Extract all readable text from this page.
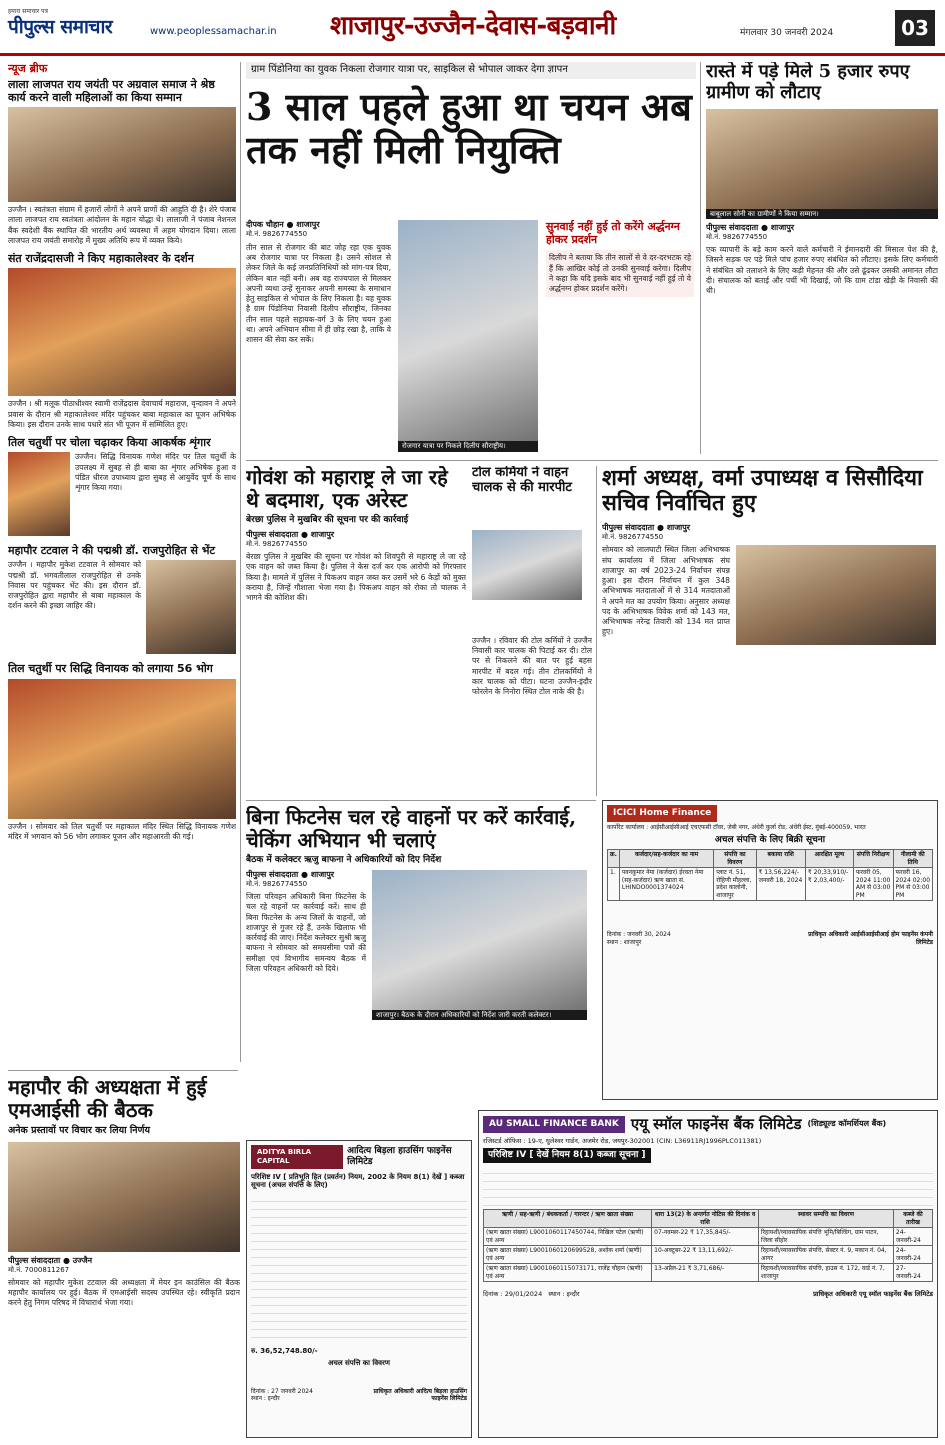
हमारा समाचार पत्र
पीपुल्स समाचार	www.peoplessamachar.in शाजापुर-उज्जैन-देवास-बड़वानी	मंगलवार 30 जनवरी 2024	03
न्यूज ब्रीफ
लाला लाजपत राय जयंती पर अग्रवाल समाज ने श्रेष्ठ कार्य करने वाली महिलाओं का किया सम्मान
उज्जैन । स्वतंत्रता संग्राम में हजारों लोगों ने अपने प्राणों की आहुति दी है। शेरे पंजाब लाला लाजपत राय स्वतंत्रता आंदोलन के महान योद्धा थे। लालाजी ने पंजाब नेशनल बैंक स्वदेशी बैंक स्थापित की भारतीय अर्थ व्यवस्था में अहम योगदान दिया। लाला लाजपत राय जयंती समारोह में मुख्य अतिथि रूप में व्यक्त किये।
संत राजेंद्रदासजी ने किए महाकालेश्वर के दर्शन
उज्जैन । श्री मलूक पीठाधीश्वर स्वामी राजेंद्रदास देवाचार्य महाराज, वृन्दावन ने अपने प्रवास के दौरान श्री महाकालेश्वर मंदिर पहुंचकर बाबा महाकाल का पूजन अभिषेक किया। इस दौरान उनके साथ पधारे संत भी पूजन में सम्मिलित हुए।
तिल चतुर्थी पर चोला चढ़ाकर किया आकर्षक शृंगार
उज्जैन। सिद्धि विनायक गणेश मंदिर पर तिल चतुर्थी के उपलक्ष्य में सुबह से ही बाबा का शृंगार अभिषेक हुआ व पंडित धीरज उपाध्याय द्वारा सुबह से आयुर्वेद चूर्ण के साथ शृंगार किया गया।
महापौर टटवाल ने की पद्मश्री डॉ. राजपुरोहित से भेंट
उज्जैन । महापौर मुकेश टटवाल ने सोमवार को पद्मश्री डॉ. भगवतीलाल राजपुरोहित से उनके निवास पर पहुंचकर भेंट की। इस दौरान डॉ. राजपुरोहित द्वारा महापौर से बाबा महाकाल के दर्शन करने की इच्छा जाहिर की।
तिल चतुर्थी पर सिद्धि विनायक को लगाया 56 भोग
उज्जैन । सोमवार को तिल चतुर्थी पर महाकाल मंदिर स्थित सिद्धि विनायक गणेश मंदिर में भगवान को 56 भोग लगाकर पूजन और महाआरती की गई।
ग्राम पिंडोनिया का युवक निकला रोजगार यात्रा पर, साइकिल से भोपाल जाकर देगा ज्ञापन
3 साल पहले हुआ था चयन अब तक नहीं मिली नियुक्ति
दीपक चौहान ● शाजापुर
मो.नं. 9826774550
तीन साल से रोजगार की बाट जोह रहा एक युवक अब रोजगार यात्रा पर निकला है। उसने सोशल से लेकर जिले के कई जनप्रतिनिधियों को मांग-पत्र दिया, लेकिन बात नहीं बनी। अब वह राज्यपाल से मिलकर अपनी व्यथा उन्हें सुनाकर अपनी समस्या के समाधान हेतु साइकिल से भोपाल के लिए निकला है। यह युवक है ग्राम पिंडोनिया निवासी दिलीप सौराष्ट्रीय, जिनका तीन साल पहले सहायक-वर्ग 3 के लिए चयन हुआ था। अपने अभियान सीमा में ही छोड़ रखा है, ताकि वे शासन की सेवा कर सकें।
रोजगार यात्रा पर निकले दिलीप सौराष्ट्रीय।
सुनवाई नहीं हुई तो करेंगे अर्द्धनग्न होकर प्रदर्शन
दिलीप ने बताया कि तीन सालों से वे दर-दरभटक रहे हैं कि आखिर कोई तो उनकी सुनवाई करेगा। दिलीप ने कहा कि यदि इसके बाद भी सुनवाई नहीं हुई तो वे अर्द्धनग्न होकर प्रदर्शन करेंगे।
रास्ते में पड़े मिले 5 हजार रुपए ग्रामीण को लौटाए
बाबूलाल सोनी का ग्रामीणों ने किया सम्मान।
पीपुल्स संवाददाता ● शाजापुर
मो.नं. 9826774550
एक व्यापारी के बड़े काम करने वाले कर्मचारी ने ईमानदारी की मिसाल पेश की है, जिसने सड़क पर पड़े मिले पांच हजार रुपए संबंधित को लौटाए। इसके लिए कर्मचारी ने संबंधित को तलाशने के लिए कड़ी मेहनत की और उसे ढूंढकर उसकी अमानत लौटा दी। संचालक को बताई और पर्ची भी दिखाई, जो कि ग्राम टांडा खेड़ी के निवासी की थी।
गोवंश को महाराष्ट्र ले जा रहे थे बदमाश, एक अरेस्ट
बेरछा पुलिस ने मुखबिर की सूचना पर की कार्रवाई
पीपुल्स संवाददाता ● शाजापुर
मो.नं. 9826774550
बेरछा पुलिस ने मुखबिर की सूचना पर गोवंश को शिवपुरी से महाराष्ट्र ले जा रहे एक वाहन को जब्त किया है। पुलिस ने केस दर्ज कर एक आरोपी को गिरफ्तार किया है। मामले में पुलिस ने पिकअप वाहन जब्त कर उसमें भरे 6 केड़ों को मुक्त कराया है, जिन्हें गौशाला भेजा गया है। पिकअप वाहन को रोका तो चालक ने भागने की कोशिश की।
टोल कर्मियों ने वाहन चालक से की मारपीट
उज्जैन । रविवार की टोल कर्मियों ने उज्जैन निवासी कार चालक की पिटाई कर दी। टोल पर से निकलने की बात पर हुई बहस मारपीट में बदल गई। तीन टोलकर्मियों ने कार चालक को पीटा। घटना उज्जैन-इंदौर फोरलेन के निनोरा स्थित टोल नाके की है।
शर्मा अध्यक्ष, वर्मा उपाध्यक्ष व सिसौदिया सचिव निर्वाचित हुए
पीपुल्स संवाददाता ● शाजापुर
मो.नं. 9826774550
सोमवार को लालघाटी स्थित जिला अभिभाषक संघ कार्यालय में जिला अभिभाषक संघ शाजापुर का वर्ष 2023-24 निर्वाचन संपन्न हुआ। इस दौरान निर्वाचन में कुल 348 अभिभाषक मतदाताओं में से 314 मतदाताओं ने अपने मत का उपयोग किया। अनुसार अध्यक्ष पद के अभिभाषक विवेक शर्मा को 143 मत, अभिभाषक नरेन्द्र तिवारी को 134 मत प्राप्त हुए।
बिना फिटनेस चल रहे वाहनों पर करें कार्रवाई, चेकिंग अभियान भी चलाएं
बैठक में कलेक्टर ऋजु बाफना ने अधिकारियों को दिए निर्देश
पीपुल्स संवाददाता ● शाजापुर
मो.नं. 9826774550
जिला परिवहन अधिकारी बिना फिटनेस के चल रहे वाहनों पर कार्रवाई करें। साथ ही बिना फिटनेस के अन्य जिलों के वाहनों, जो शाजापुर से गुजर रहे हैं, उनके खिलाफ भी कार्रवाई की जाए। निर्देश कलेक्टर सुश्री ऋजु बाफना ने सोमवार को समयसीमा पत्रों की समीक्षा एवं विभागीय समन्वय बैठक में जिला परिवहन अधिकारी को दिये।
शाजापुर। बैठक के दौरान अधिकारियों को निर्देश जारी करती कलेक्टर।
ICICI Home Finance
कार्पोरेट कार्यालय : आईसीआईसीआई एचएफसी टॉवर, जेबी नगर, अंधेरी कुर्ला रोड, अंधेरी ईस्ट, मुंबई-400059, भारत
अचल संपत्ति के लिए बिक्री सूचना
क्र.	कर्जदार/सह-कर्जदार का नाम	संपत्ति का विवरण	बकाया राशि	आरक्षित मूल्य	संपत्ति निरीक्षण	नीलामी की तिथि
1.	पवनकुमार नेमा (कर्जदार) ईरवता नेमा (सह-कर्जदार) ऋण खाता सं. LHINDO0001374024	प्लाट नं. 51, रोहिणी मौहल्ला, प्रदेश कालोनी, शाजापुर	₹ 13,56,224/- जनवरी 18, 2024	₹ 20,33,910/- ₹ 2,03,400/-	फरवरी 05, 2024 11:00 AM से 03:00 PM	फरवरी 16, 2024 02:00 PM से 03:00 PM
दिनांक : जनवरी 30, 2024
स्थान : शाजापुर
प्राधिकृत अधिकारी आईसीआईसीआई होम फाइनेंस कंपनी लिमिटेड
महापौर की अध्यक्षता में हुई एमआईसी की बैठक
अनेक प्रस्तावों पर विचार कर लिया निर्णय
पीपुल्स संवाददाता ● उज्जैन
मो.नं. 7000811267
सोमवार को महापौर मुकेश टटवाल की अध्यक्षता में मेयर इन काउंसिल की बैठक महापौर कार्यालय पर हुई। बैठक में एमआईसी सदस्य उपस्थित रहे। स्वीकृति प्रदान करने हेतु निगम परिषद में विचारार्थ भेजा गया।
ADITYA BIRLA CAPITAL
आदित्य बिड़ला हाउसिंग फाइनेंस लिमिटेड
परिशिष्ट IV [ प्रतिभूति हित (प्रवर्तन) नियम, 2002 के नियम 8(1) देखें ] कब्जा सूचना (अचल संपत्ति के लिए)
रु. 36,52,748.80/-
अचल संपत्ति का विवरण
दिनांक : 27 जनवरी 2024
स्थान : इन्दौर
प्राधिकृत अधिकारी आदित्य बिड़ला हाउसिंग फाइनेंस लिमिटेड
AU SMALL FINANCE BANK एयू स्मॉल फाइनेंस बैंक लिमिटेड (शिड्यूल्ड कॉमर्शियल बैंक)
रजिस्टर्ड ऑफिस : 19-ए, धुलेश्वर गार्डन, अजमेर रोड, जयपुर-302001 (CIN: L36911RJ1996PLC011381)
परिशिष्ट IV [ देखें नियम 8(1) कब्जा सूचना ]
ऋणी / सह-ऋणी / बंधककर्ता / गारन्टर / ऋण खाता संख्या	धारा 13(2) के अन्तर्गत नोटिस की दिनांक व राशि	स्थावर सम्पत्ति का विवरण	कब्जे की तारीख
(ऋण खाता संख्या) L9001060117450744, निखिल पटेल (ऋणी) एवं अन्य	07-नवम्बर-22 ₹ 17,35,845/-	रिहायशी/व्यावसायिक संपत्ति भूमि/बिल्डिंग, ग्राम पाटन, जिला सीहोर	24-जनवरी-24
(ऋण खाता संख्या) L9001060120699528, अशोक शर्मा (ऋणी) एवं अन्य	10-अक्टूबर-22 ₹ 13,11,692/-	रिहायशी/व्यावसायिक संपत्ति, सेक्टर नं. 9, मकान नं. 04, आगर	24-जनवरी-24
(ऋण खाता संख्या) L9001060115073171, राजेंद्र चौहान (ऋणी) एवं अन्य	13-अप्रैल-21 ₹ 3,71,686/-	रिहायशी/व्यावसायिक संपत्ति, हाउस नं. 172, वार्ड नं. 7, शाजापुर	27-जनवरी-24
दिनांक : 29/01/2024 स्थान : इन्दौर	प्राधिकृत अधिकारी एयू स्मॉल फाइनेंस बैंक लिमिटेड
